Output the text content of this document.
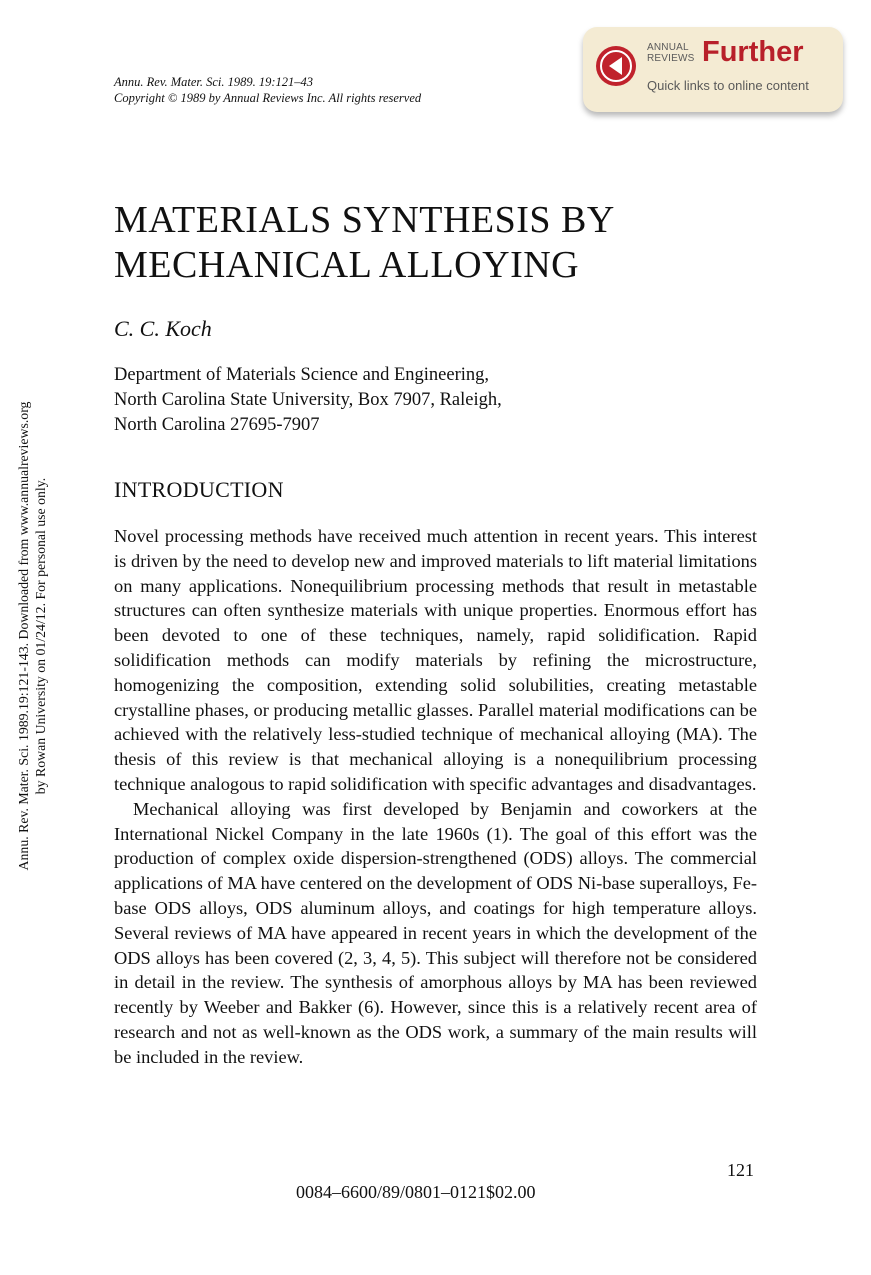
Annu. Rev. Mater. Sci. 1989. 19:121–43
Copyright © 1989 by Annual Reviews Inc. All rights reserved
ANNUAL
REVIEWS Further
Quick links to online content
MATERIALS SYNTHESIS BY
MECHANICAL ALLOYING
C. C. Koch
Department of Materials Science and Engineering,
North Carolina State University, Box 7907, Raleigh,
North Carolina 27695-7907
INTRODUCTION

Novel processing methods have received much attention in recent years. This interest is driven by the need to develop new and improved materials to lift material limitations on many applications. Nonequilibrium processing methods that result in metastable structures can often synthesize materials with unique properties. Enormous effort has been devoted to one of these techniques, namely, rapid solidification. Rapid solidification methods can modify materials by refining the microstructure, homogenizing the composition, extending solid solubilities, creating metastable crystalline phases, or producing metallic glasses. Parallel material modifications can be achieved with the relatively less-studied technique of mechanical alloying (MA). The thesis of this review is that mechanical alloying is a nonequilibrium processing technique analogous to rapid solidification with specific advantages and disadvantages.

Mechanical alloying was first developed by Benjamin and coworkers at the International Nickel Company in the late 1960s (1). The goal of this effort was the production of complex oxide dispersion-strengthened (ODS) alloys. The commercial applications of MA have centered on the development of ODS Ni-base superalloys, Fe-base ODS alloys, ODS aluminum alloys, and coatings for high temperature alloys. Several reviews of MA have appeared in recent years in which the development of the ODS alloys has been covered (2, 3, 4, 5). This subject will therefore not be considered in detail in the review. The synthesis of amorphous alloys by MA has been reviewed recently by Weeber and Bakker (6). However, since this is a relatively recent area of research and not as well-known as the ODS work, a summary of the main results will be included in the review.

121
0084–6600/89/0801–0121$02.00
Annu. Rev. Mater. Sci. 1989.19:121-143. Downloaded from www.annualreviews.org by Rowan University on 01/24/12. For personal use only.
